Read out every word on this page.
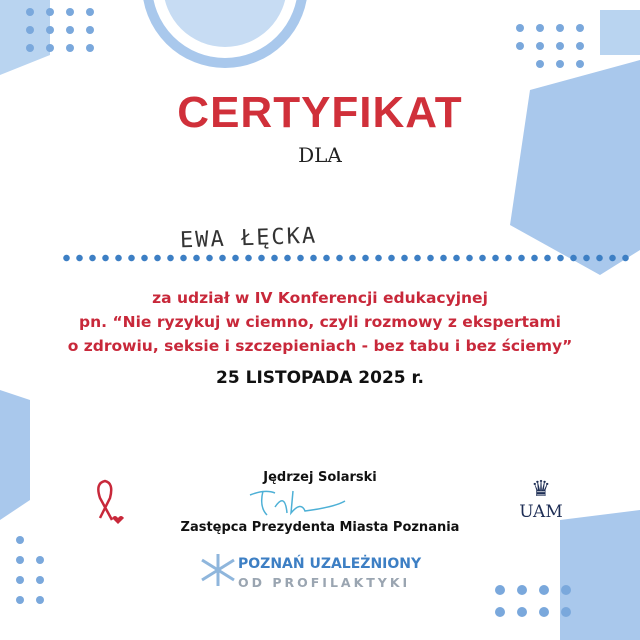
CERTYFIKAT
DLA
EWA ŁĘCKA
za udział w IV Konferencji edukacyjnej
pn. “Nie ryzykuj w ciemno, czyli rozmowy z ekspertami
o zdrowiu, seksie i szczepieniach - bez tabu i bez ściemy”
25 LISTOPADA 2025 r.
Jędrzej Solarski
Zastępca Prezydenta Miasta Poznania
POZNAŃ UZALEŻNIONY
OD PROFILAKTYKI
♛
UAM
